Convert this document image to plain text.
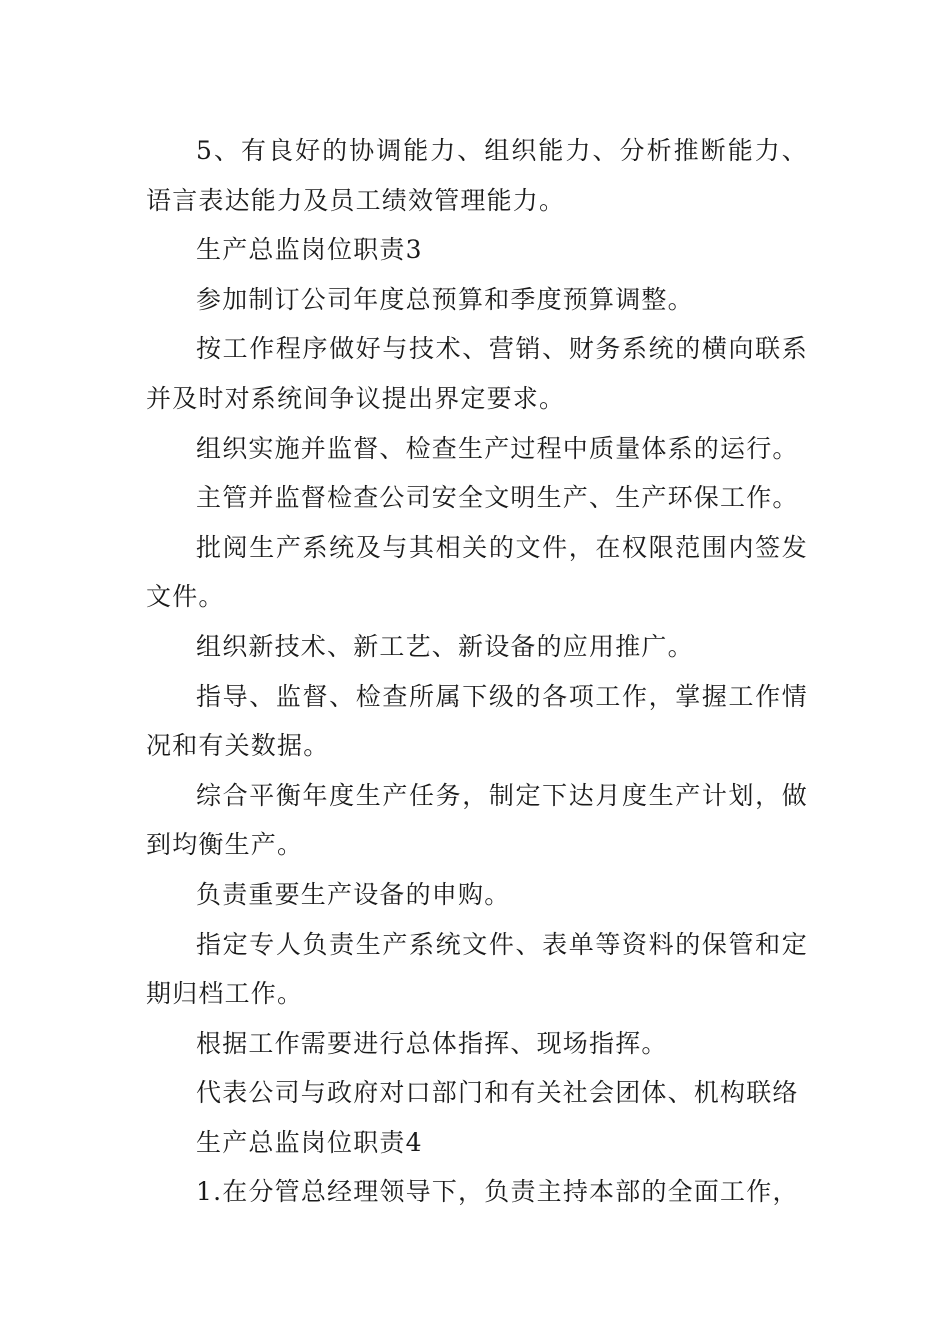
5、有良好的协调能力、组织能力、分析推断能力、语言表达能力及员工绩效管理能力。

生产总监岗位职责3

参加制订公司年度总预算和季度预算调整。

按工作程序做好与技术、营销、财务系统的横向联系并及时对系统间争议提出界定要求。

组织实施并监督、检查生产过程中质量体系的运行。

主管并监督检查公司安全文明生产、生产环保工作。

批阅生产系统及与其相关的文件，在权限范围内签发文件。

组织新技术、新工艺、新设备的应用推广。

指导、监督、检查所属下级的各项工作，掌握工作情况和有关数据。

综合平衡年度生产任务，制定下达月度生产计划，做到均衡生产。

负责重要生产设备的申购。

指定专人负责生产系统文件、表单等资料的保管和定期归档工作。

根据工作需要进行总体指挥、现场指挥。

代表公司与政府对口部门和有关社会团体、机构联络

生产总监岗位职责4

1.在分管总经理领导下，负责主持本部的全面工作，
